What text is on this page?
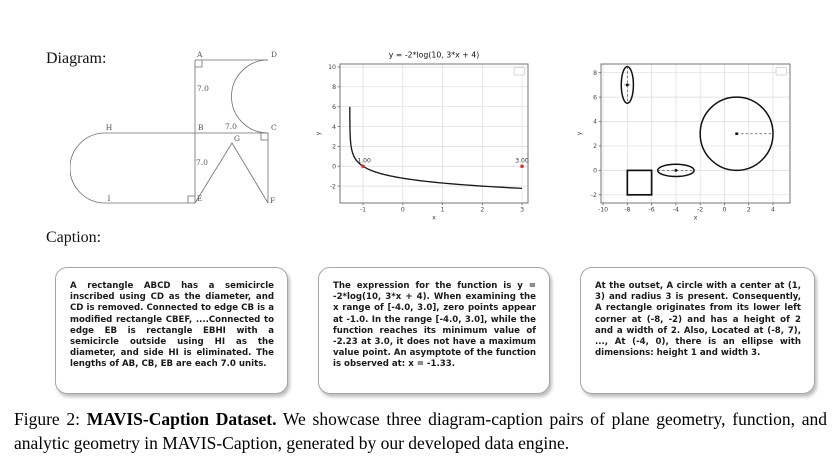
Diagram:	A	D
B	C
G
E	F
H
I
7.0
7.0
7.0
-1	0	1	2	3
-2
0
2
4
6
8
10
y = -2*log(10, 3*x + 4)
x
y
-1.00	3.00
-10	-8	-6	-4	-2	0	2	4
-2
0
2
4
6
8
x
y
Caption:

A rectangle ABCD has a semicircle inscribed using CD as the diameter, and CD is removed. Connected to edge CB is a modified rectangle CBEF, ....Connected to edge EB is rectangle EBHI with a semicircle outside using HI as the diameter, and side HI is eliminated. The lengths of AB, CB, EB are each 7.0 units.

The expression for the function is y = -2*log(10, 3*x + 4). When examining the x range of [-4.0, 3.0], zero points appear at -1.0. In the range [-4.0, 3.0], while the function reaches its minimum value of -2.23 at 3.0, it does not have a maximum value point. An asymptote of the function is observed at: x = -1.33.

At the outset, A circle with a center at (1, 3) and radius 3 is present. Consequently, A rectangle originates from its lower left corner at (-8, -2) and has a height of 2 and a width of 2. Also, Located at (-8, 7), ..., At (-4, 0), there is an ellipse with dimensions: height 1 and width 3.

Figure 2: MAVIS-Caption Dataset. We showcase three diagram-caption pairs of plane geometry, function, and analytic geometry in MAVIS-Caption, generated by our developed data engine.
